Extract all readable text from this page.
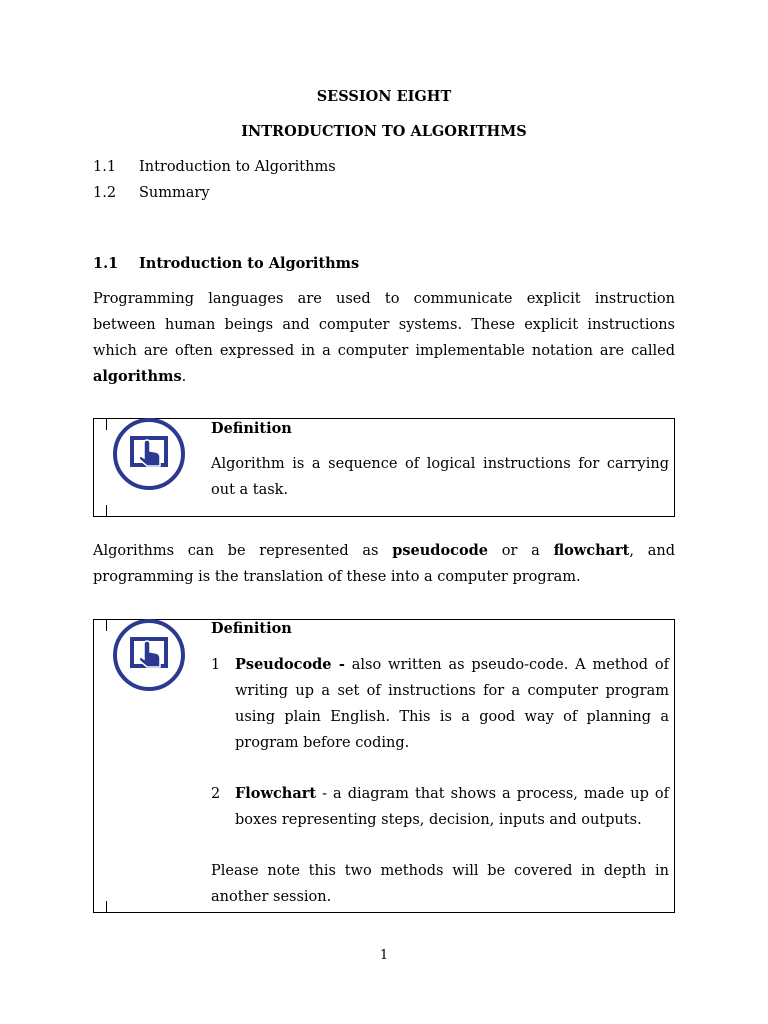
SESSION EIGHT
INTRODUCTION TO ALGORITHMS
1.1 Introduction to Algorithms
1.2 Summary
1.1 Introduction to Algorithms
Programming languages are used to communicate explicit instruction
between human beings and computer systems. These explicit instructions
which are often expressed in a computer implementable notation are called
algorithms.
Definition
Algorithm is a sequence of logical instructions for carrying
out a task.
Algorithms can be represented as pseudocode or a flowchart, and
programming is the translation of these into a computer program.
Definition
1 Pseudocode - also written as pseudo-code. A method of
writing up a set of instructions for a computer program
using plain English. This is a good way of planning a
program before coding.
2 Flowchart - a diagram that shows a process, made up of
boxes representing steps, decision, inputs and outputs.
Please note this two methods will be covered in depth in
another session.
1
